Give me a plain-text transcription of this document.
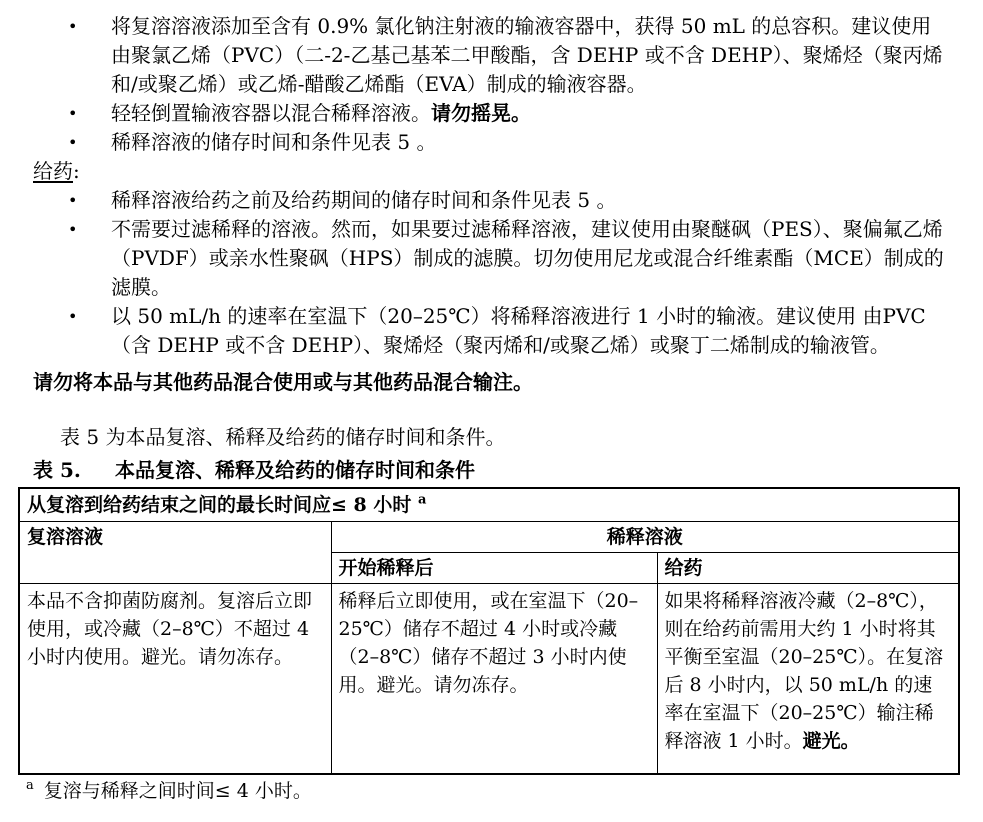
•	将复溶溶液添加至含有 0.9% 氯化钠注射液的输液容器中，获得 50 mL 的总容积。建议使用由聚氯乙烯（PVC）（二-2-乙基己基苯二甲酸酯，含 DEHP 或不含 DEHP）、聚烯烃（聚丙烯和/或聚乙烯）或乙烯-醋酸乙烯酯（EVA）制成的输液容器。
•	轻轻倒置输液容器以混合稀释溶液。请勿摇晃。
•	稀释溶液的储存时间和条件见表 5 。
给药:
•	稀释溶液给药之前及给药期间的储存时间和条件见表 5 。
•	不需要过滤稀释的溶液。然而，如果要过滤稀释溶液，建议使用由聚醚砜（PES）、聚偏氟乙烯（PVDF）或亲水性聚砜（HPS）制成的滤膜。切勿使用尼龙或混合纤维素酯（MCE）制成的滤膜。
•	以 50 mL/h 的速率在室温下（20–25℃）将稀释溶液进行 1 小时的输液。建议使用 由PVC（含 DEHP 或不含 DEHP）、聚烯烃（聚丙烯和/或聚乙烯）或聚丁二烯制成的输液管。

请勿将本品与其他药品混合使用或与其他药品混合输注。

表 5 为本品复溶、稀释及给药的储存时间和条件。

表 5. 本品复溶、稀释及给药的储存时间和条件
从复溶到给药结束之间的最长时间应≤ 8 小时 $^a$
复溶溶液	稀释溶液	
	开始稀释后	给药
本品不含抑菌防腐剂。复溶后立即使用，或冷藏（2–8℃）不超过 4 小时内使用。避光。请勿冻存。	稀释后立即使用，或在室温下（20–25℃）储存不超过 4 小时或冷藏（2–8℃）储存不超过 3 小时内使用。避光。请勿冻存。	如果将稀释溶液冷藏（2–8℃），则在给药前需用大约 1 小时将其平衡至室温（20–25℃）。在复溶后 8 小时内，以 50 mL/h 的速率在室温下（20–25℃）输注稀释溶液 1 小时。避光。
$^a$ 复溶与稀释之间时间≤ 4 小时。
